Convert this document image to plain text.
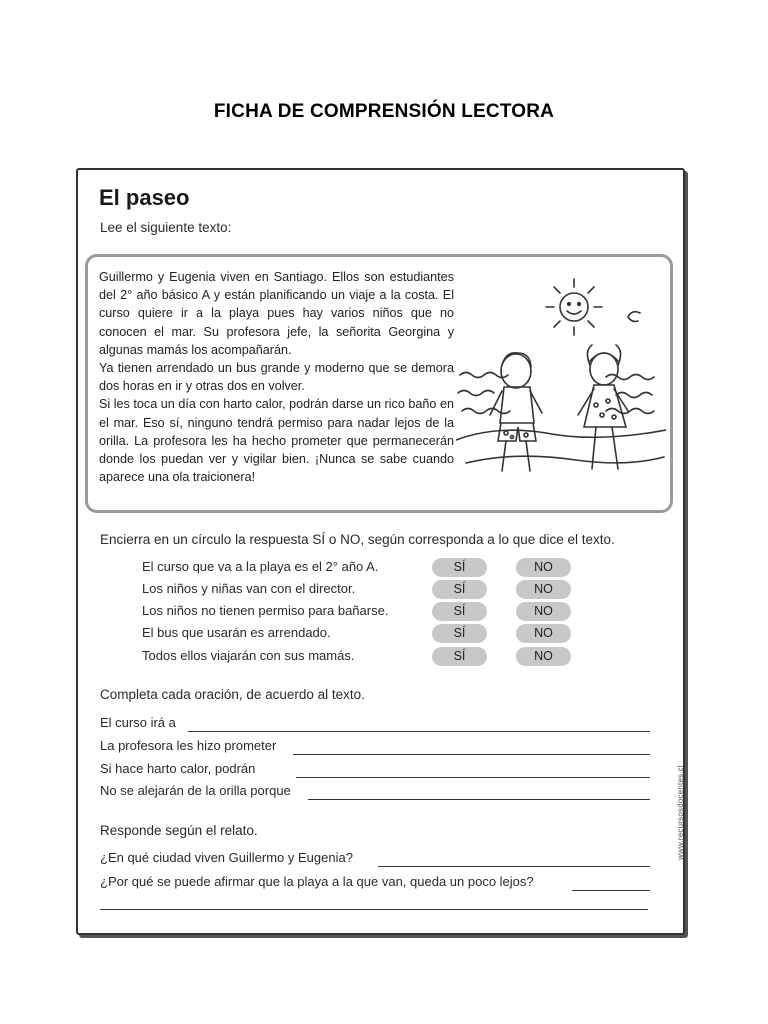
FICHA DE COMPRENSIÓN LECTORA
El paseo
Lee el siguiente texto:

Guillermo y Eugenia viven en Santiago. Ellos son estudiantes del 2° año básico A y están planificando un viaje a la costa. El curso quiere ir a la playa pues hay varios niños que no conocen el mar. Su profesora jefe, la señorita Georgina y algunas mamás los acompañarán.

Ya tienen arrendado un bus grande y moderno que se demora dos horas en ir y otras dos en volver.

Si les toca un día con harto calor, podrán darse un rico baño en el mar. Eso sí, ninguno tendrá permiso para nadar lejos de la orilla. La profesora les ha hecho prometer que permanecerán donde los puedan ver y vigilar bien. ¡Nunca se sabe cuando aparece una ola traicionera!

Encierra en un círculo la respuesta SÍ o NO, según corresponda a lo que dice el texto.
El curso que va a la playa es el 2° año A.	SÍ	NO
Los niños y niñas van con el director.	SÍ	NO
Los niños no tienen permiso para bañarse.	SÍ	NO
El bus que usarán es arrendado.	SÍ	NO
Todos ellos viajarán con sus mamás.	SÍ	NO
Completa cada oración, de acuerdo al texto.
El curso irá a
La profesora les hizo prometer
Si hace harto calor, podrán
No se alejarán de la orilla porque
Responde según el relato.
¿En qué ciudad viven Guillermo y Eugenia?
¿Por qué se puede afirmar que la playa a la que van, queda un poco lejos?
www.recursosdocentes.cl
